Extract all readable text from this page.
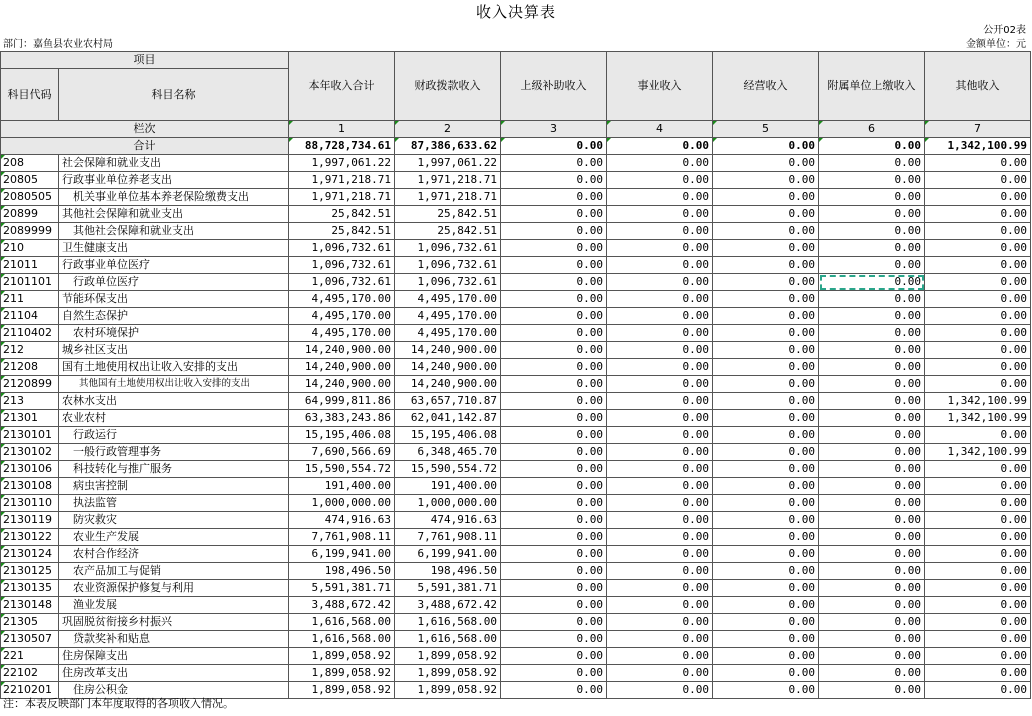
收入决算表
公开02表
部门：嘉鱼县农业农村局	金额单位：元
项目		本年收入合计	财政拨款收入	上级补助收入	事业收入	经营收入	附属单位上缴收入	其他收入
科目代码	科目名称							
栏次		1	2	3	4	5	6	7
合计		88,728,734.61	87,386,633.62	0.00	0.00	0.00	0.00	1,342,100.99
208	社会保障和就业支出	1,997,061.22	1,997,061.22	0.00	0.00	0.00	0.00	0.00
20805	行政事业单位养老支出	1,971,218.71	1,971,218.71	0.00	0.00	0.00	0.00	0.00
2080505	机关事业单位基本养老保险缴费支出	1,971,218.71	1,971,218.71	0.00	0.00	0.00	0.00	0.00
20899	其他社会保障和就业支出	25,842.51	25,842.51	0.00	0.00	0.00	0.00	0.00
2089999	其他社会保障和就业支出	25,842.51	25,842.51	0.00	0.00	0.00	0.00	0.00
210	卫生健康支出	1,096,732.61	1,096,732.61	0.00	0.00	0.00	0.00	0.00
21011	行政事业单位医疗	1,096,732.61	1,096,732.61	0.00	0.00	0.00	0.00	0.00
2101101	行政单位医疗	1,096,732.61	1,096,732.61	0.00	0.00	0.00	0.00	0.00
211	节能环保支出	4,495,170.00	4,495,170.00	0.00	0.00	0.00	0.00	0.00
21104	自然生态保护	4,495,170.00	4,495,170.00	0.00	0.00	0.00	0.00	0.00
2110402	农村环境保护	4,495,170.00	4,495,170.00	0.00	0.00	0.00	0.00	0.00
212	城乡社区支出	14,240,900.00	14,240,900.00	0.00	0.00	0.00	0.00	0.00
21208	国有土地使用权出让收入安排的支出	14,240,900.00	14,240,900.00	0.00	0.00	0.00	0.00	0.00
2120899	其他国有土地使用权出让收入安排的支出	14,240,900.00	14,240,900.00	0.00	0.00	0.00	0.00	0.00
213	农林水支出	64,999,811.86	63,657,710.87	0.00	0.00	0.00	0.00	1,342,100.99
21301	农业农村	63,383,243.86	62,041,142.87	0.00	0.00	0.00	0.00	1,342,100.99
2130101	行政运行	15,195,406.08	15,195,406.08	0.00	0.00	0.00	0.00	0.00
2130102	一般行政管理事务	7,690,566.69	6,348,465.70	0.00	0.00	0.00	0.00	1,342,100.99
2130106	科技转化与推广服务	15,590,554.72	15,590,554.72	0.00	0.00	0.00	0.00	0.00
2130108	病虫害控制	191,400.00	191,400.00	0.00	0.00	0.00	0.00	0.00
2130110	执法监管	1,000,000.00	1,000,000.00	0.00	0.00	0.00	0.00	0.00
2130119	防灾救灾	474,916.63	474,916.63	0.00	0.00	0.00	0.00	0.00
2130122	农业生产发展	7,761,908.11	7,761,908.11	0.00	0.00	0.00	0.00	0.00
2130124	农村合作经济	6,199,941.00	6,199,941.00	0.00	0.00	0.00	0.00	0.00
2130125	农产品加工与促销	198,496.50	198,496.50	0.00	0.00	0.00	0.00	0.00
2130135	农业资源保护修复与利用	5,591,381.71	5,591,381.71	0.00	0.00	0.00	0.00	0.00
2130148	渔业发展	3,488,672.42	3,488,672.42	0.00	0.00	0.00	0.00	0.00
21305	巩固脱贫衔接乡村振兴	1,616,568.00	1,616,568.00	0.00	0.00	0.00	0.00	0.00
2130507	贷款奖补和贴息	1,616,568.00	1,616,568.00	0.00	0.00	0.00	0.00	0.00
221	住房保障支出	1,899,058.92	1,899,058.92	0.00	0.00	0.00	0.00	0.00
22102	住房改革支出	1,899,058.92	1,899,058.92	0.00	0.00	0.00	0.00	0.00
2210201	住房公积金	1,899,058.92	1,899,058.92	0.00	0.00	0.00	0.00	0.00
注：本表反映部门本年度取得的各项收入情况。
